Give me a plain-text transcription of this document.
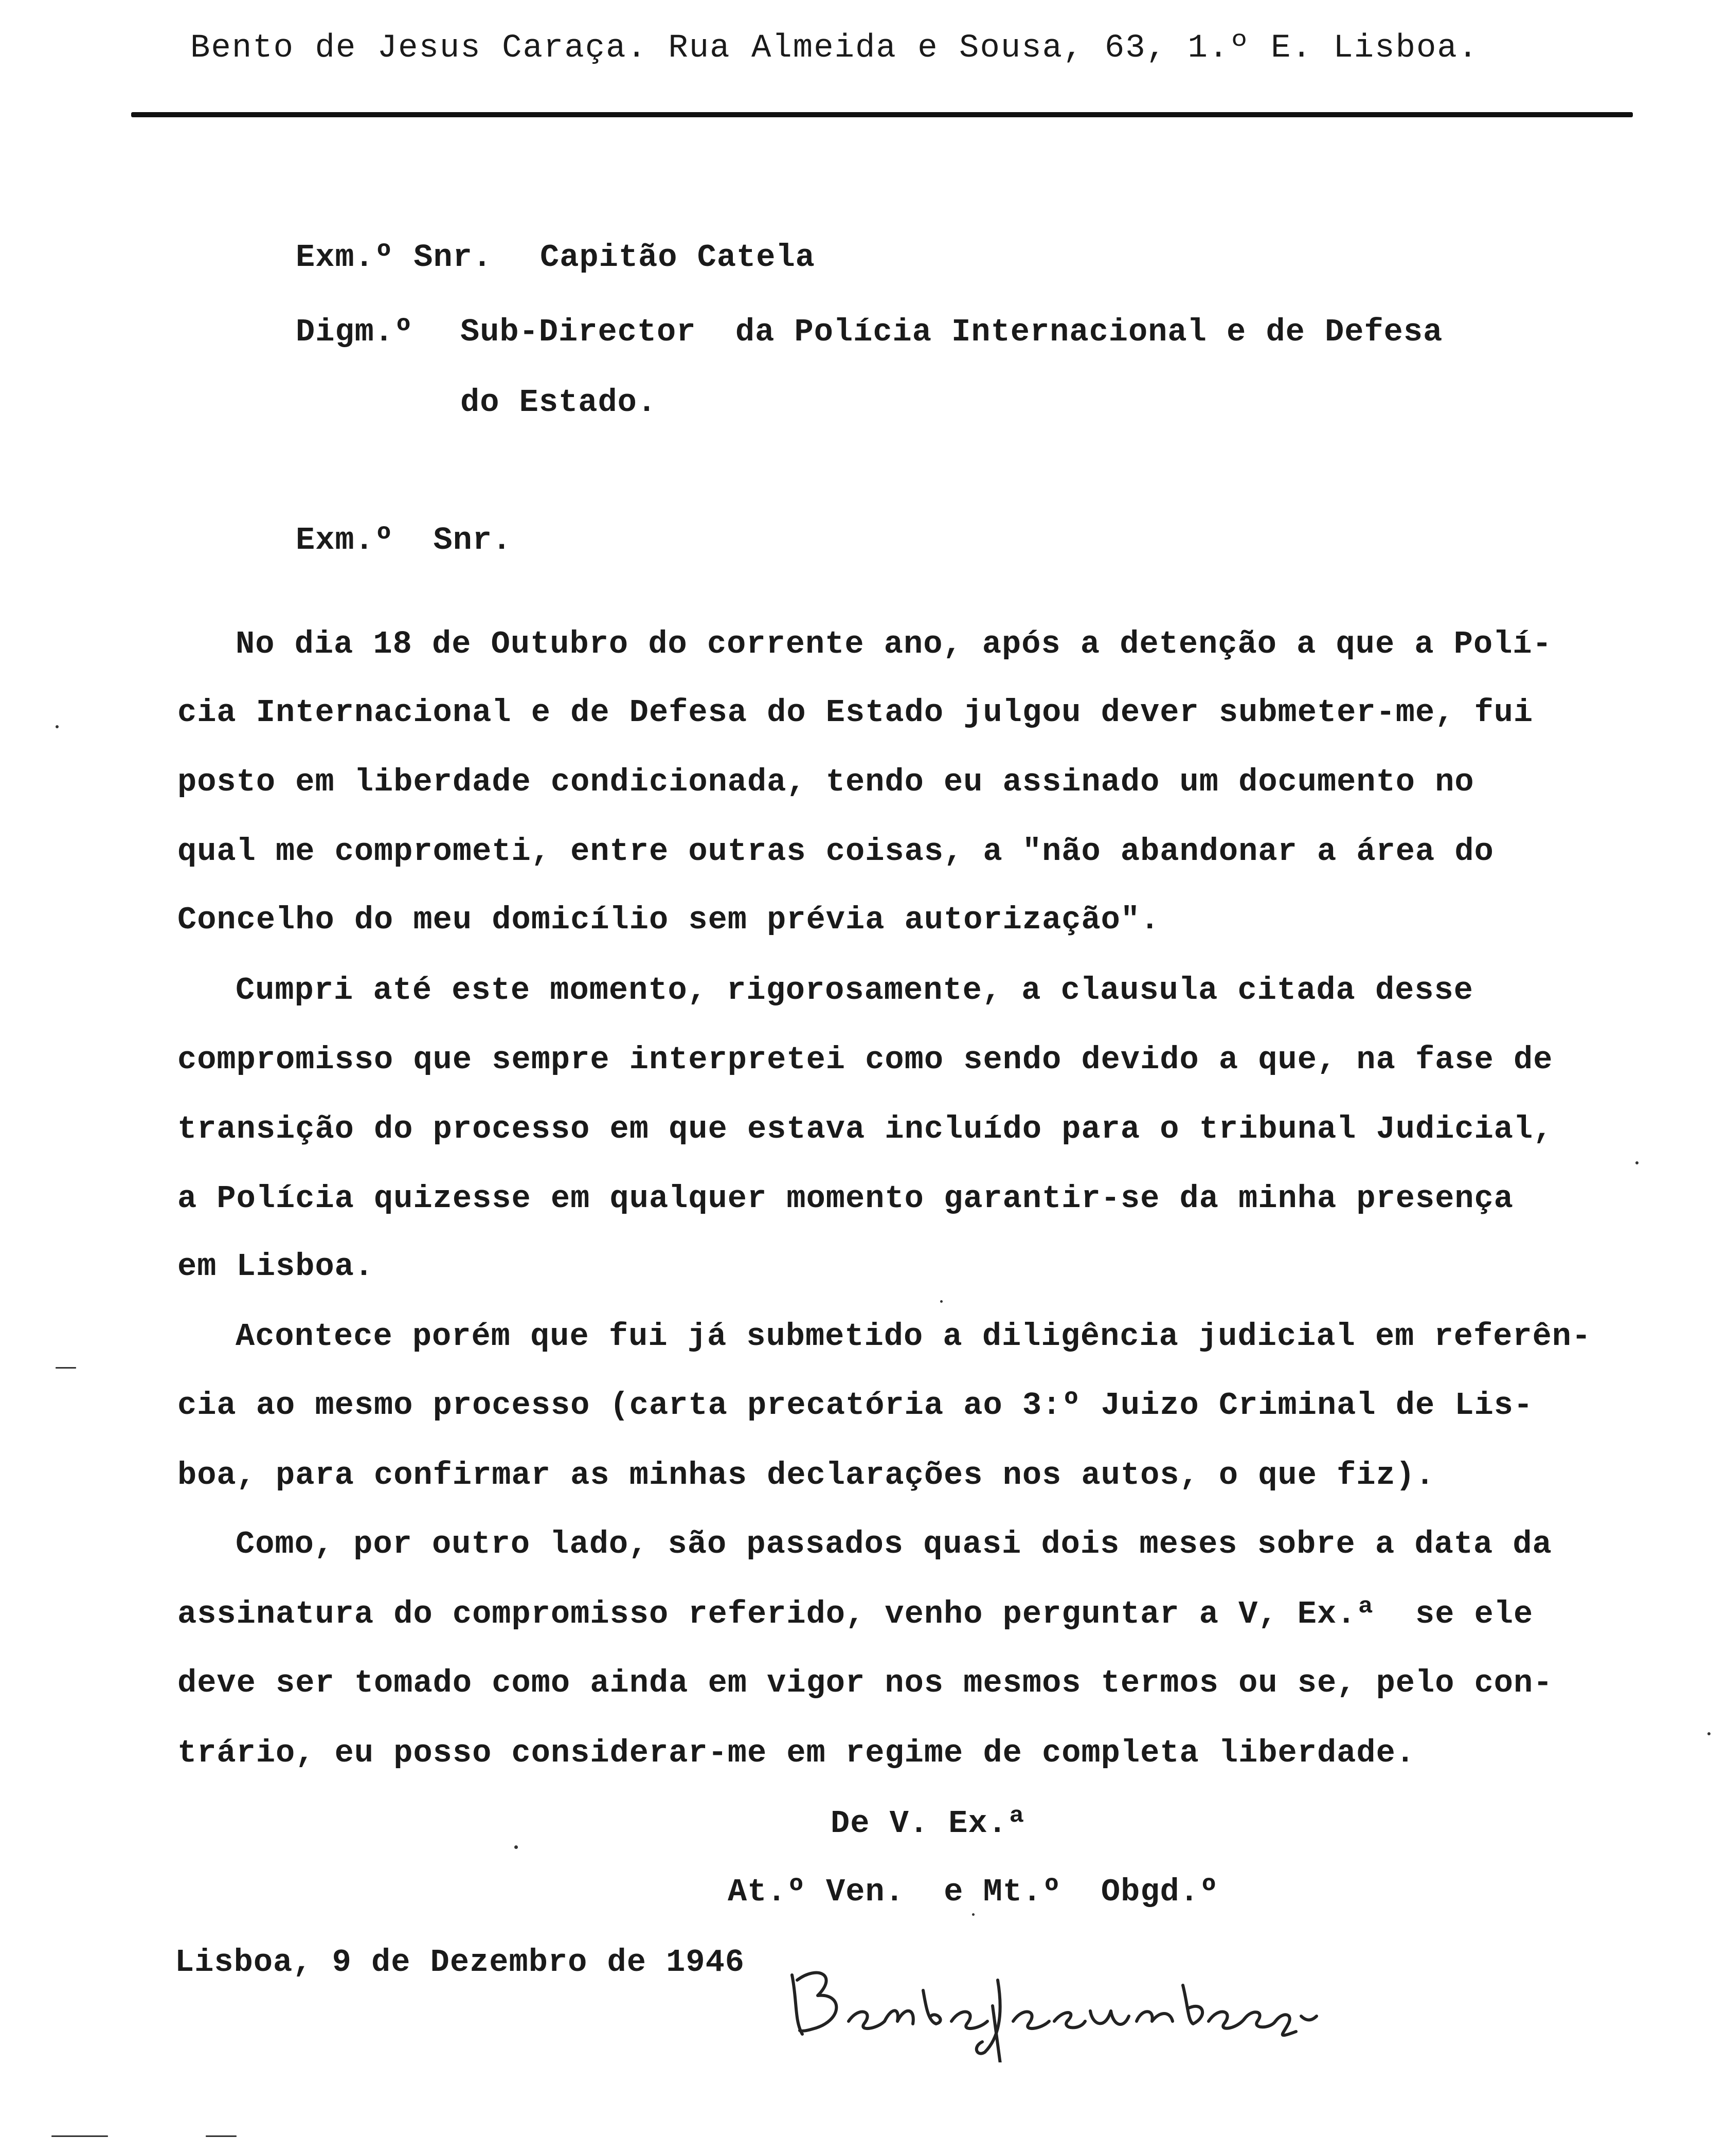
Bento de Jesus Caraça. Rua Almeida e Sousa, 63, 1.º E. Lisboa.
Exm.º Snr. Capitão Catela
Digm.º Sub-Director  da Polícia Internacional e de Defesa
do Estado.
Exm.º  Snr.
No dia 18 de Outubro do corrente ano, após a detenção a que a Polí-
cia Internacional e de Defesa do Estado julgou dever submeter-me, fui
posto em liberdade condicionada, tendo eu assinado um documento no
qual me comprometi, entre outras coisas, a "não abandonar a área do
Concelho do meu domicílio sem prévia autorização".
Cumpri até este momento, rigorosamente, a clausula citada desse
compromisso que sempre interpretei como sendo devido a que, na fase de
transição do processo em que estava incluído para o tribunal Judicial,
a Polícia quizesse em qualquer momento garantir-se da minha presença
em Lisboa.
Acontece porém que fui já submetido a diligência judicial em referên-
cia ao mesmo processo (carta precatória ao 3:º Juizo Criminal de Lis-
boa, para confirmar as minhas declarações nos autos, o que fiz).
Como, por outro lado, são passados quasi dois meses sobre a data da
assinatura do compromisso referido, venho perguntar a V, Ex.ª  se ele
deve ser tomado como ainda em vigor nos mesmos termos ou se, pelo con-
trário, eu posso considerar-me em regime de completa liberdade.
De V. Ex.ª
At.º Ven.  e Mt.º  Obgd.º
Lisboa, 9 de Dezembro de 1946
